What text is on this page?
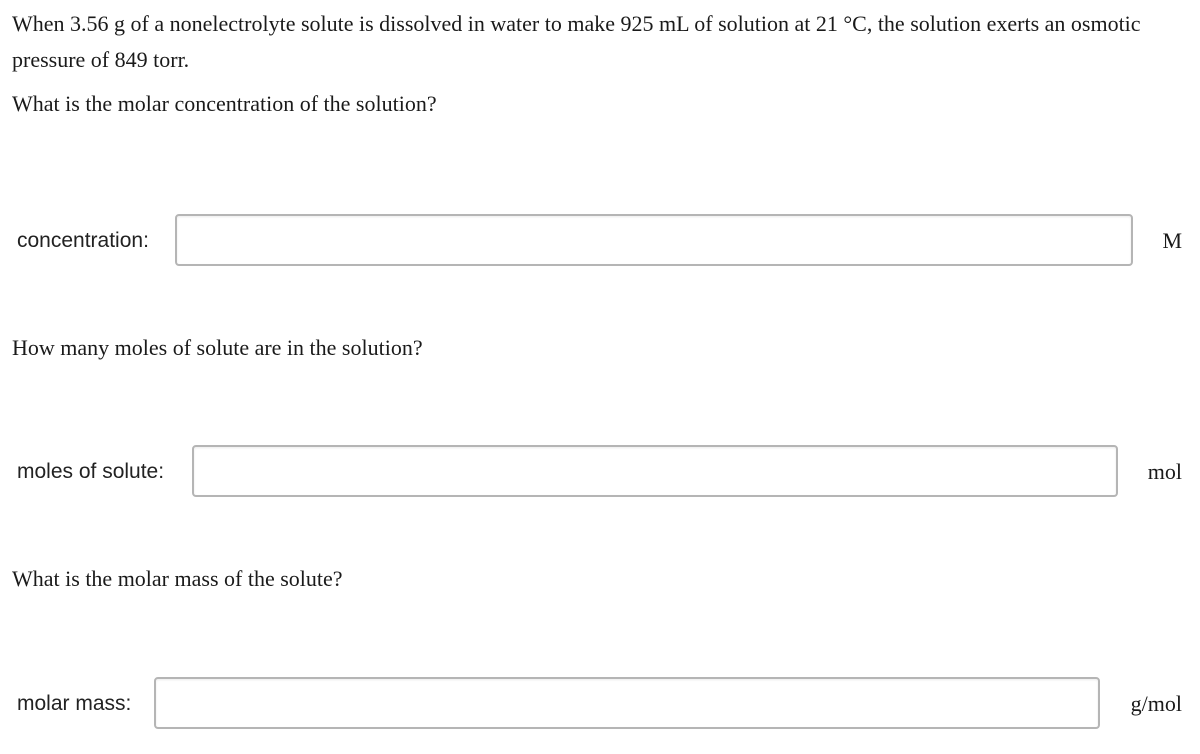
When 3.56 g of a nonelectrolyte solute is dissolved in water to make 925 mL of solution at 21 °C, the solution exerts an osmotic pressure of 849 torr.

What is the molar concentration of the solution?

concentration:	M

How many moles of solute are in the solution?

moles of solute:	mol

What is the molar mass of the solute?

molar mass:	g/mol
